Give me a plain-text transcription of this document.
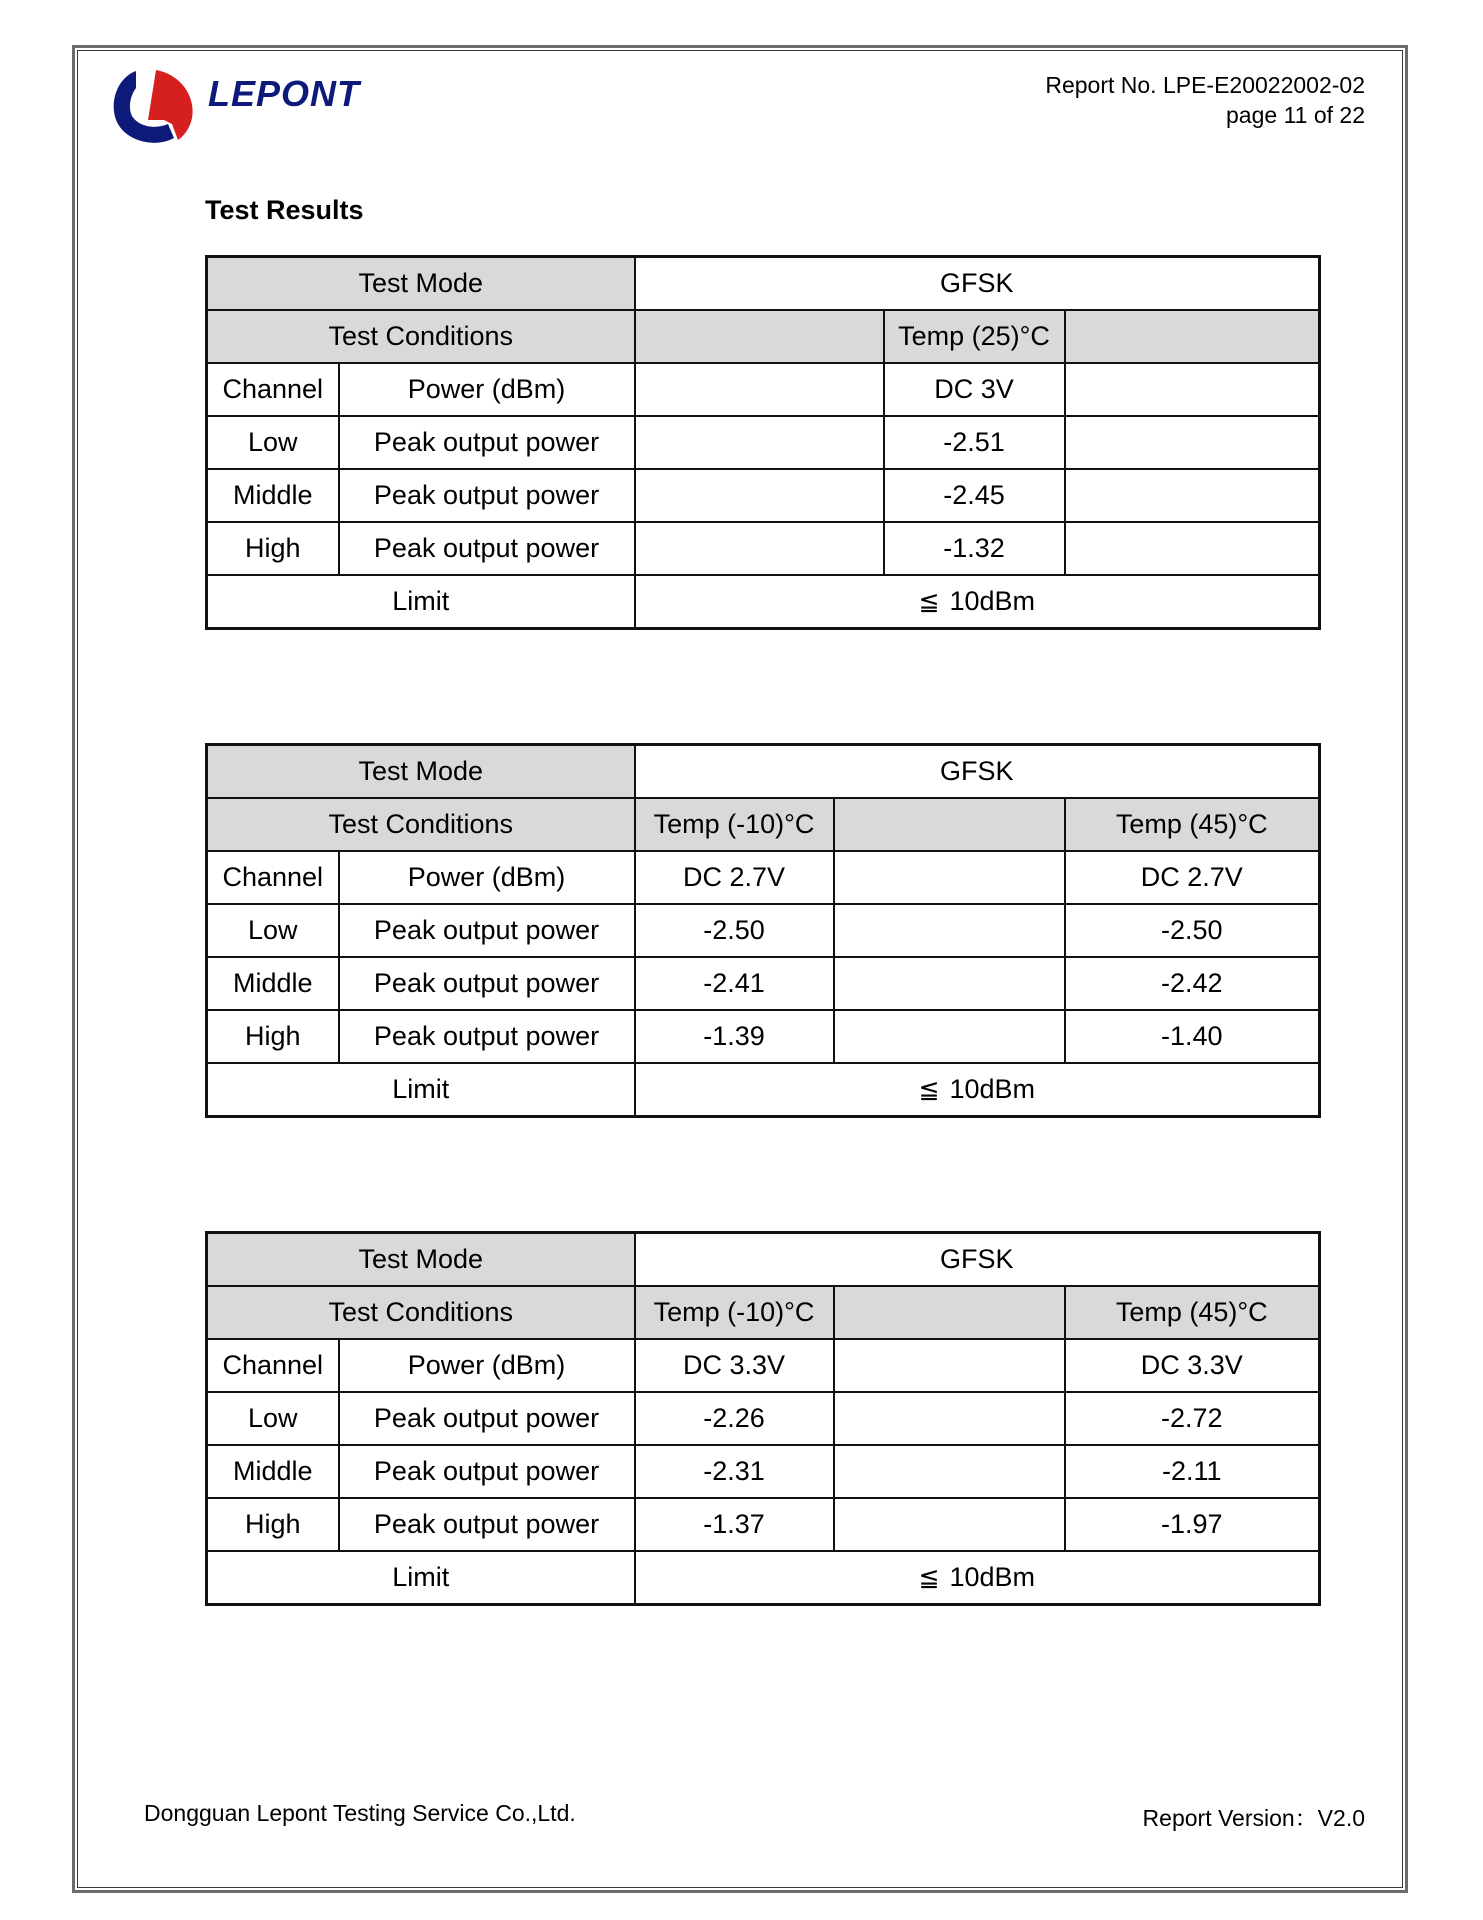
LEPONT	Report No. LPE-E20022002-02
page 11 of 22
Test Results
Test Mode		GFSK		
Test Conditions			Temp (25)°C	
Channel	Power (dBm)		DC 3V	
Low	Peak output power		-2.51	
Middle	Peak output power		-2.45	
High	Peak output power		-1.32	
Limit		≦ 10dBm		
Test Mode		GFSK		
Test Conditions		Temp (-10)°C		Temp (45)°C
Channel	Power (dBm)	DC 2.7V		DC 2.7V
Low	Peak output power	-2.50		-2.50
Middle	Peak output power	-2.41		-2.42
High	Peak output power	-1.39		-1.40
Limit		≦ 10dBm		
Test Mode		GFSK		
Test Conditions		Temp (-10)°C		Temp (45)°C
Channel	Power (dBm)	DC 3.3V		DC 3.3V
Low	Peak output power	-2.26		-2.72
Middle	Peak output power	-2.31		-2.11
High	Peak output power	-1.37		-1.97
Limit		≦ 10dBm		
Dongguan Lepont Testing Service Co.,Ltd.	Report Version：V2.0
